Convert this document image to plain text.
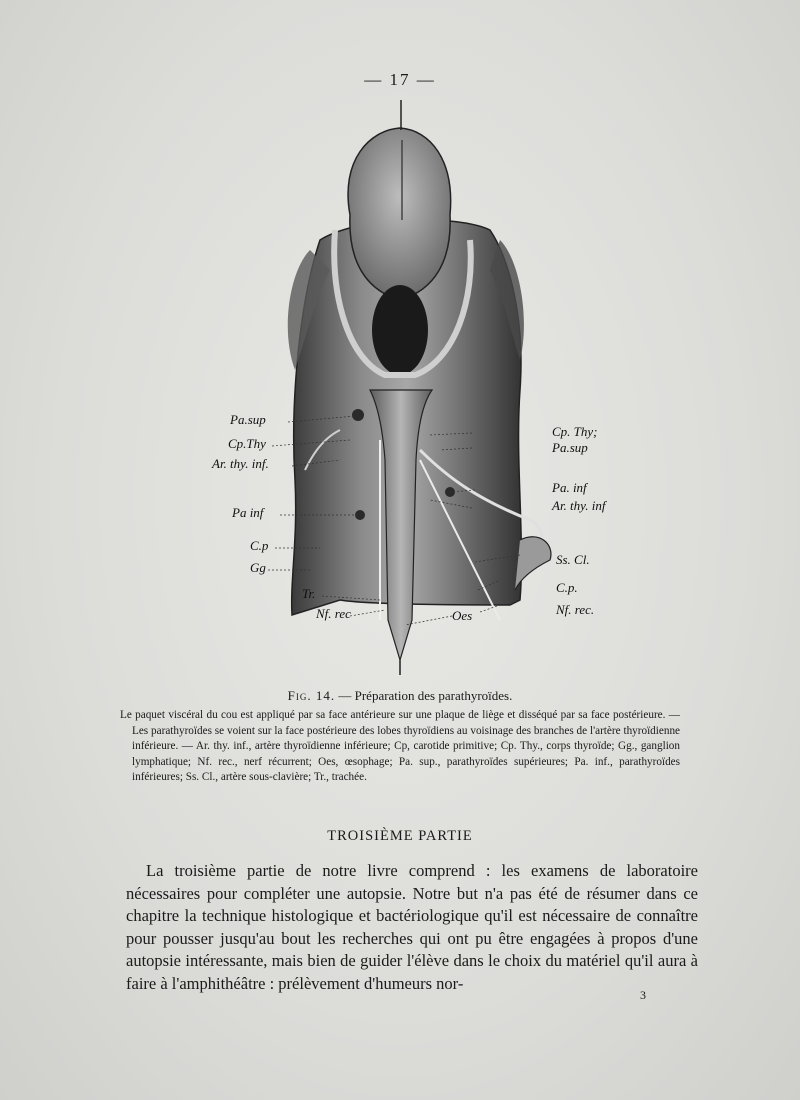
— 17 —
Pa.sup
Cp.Thy
Ar. thy. inf.
Pa inf
C.p
Gg
Tr.
Nf. rec
Cp. Thy;
Pa.sup
Pa. inf
Ar. thy. inf
Ss. Cl.
C.p.
Nf. rec.
Oes
Fig. 14. — Préparation des parathyroïdes.
Le paquet viscéral du cou est appliqué par sa face antérieure sur une plaque de liège et disséqué par sa face postérieure. — Les parathyroïdes se voient sur la face postérieure des lobes thyroïdiens au voisinage des branches de l'artère thyroïdienne inférieure. — Ar. thy. inf., artère thyroïdienne inférieure; Cp, carotide primitive; Cp. Thy., corps thyroïde; Gg., ganglion lymphatique; Nf. rec., nerf récurrent; Oes, œsophage; Pa. sup., parathyroïdes supérieures; Pa. inf., parathyroïdes inférieures; Ss. Cl., artère sous-clavière; Tr., trachée.
TROISIÈME PARTIE
La troisième partie de notre livre comprend : les examens de laboratoire nécessaires pour compléter une autopsie. Notre but n'a pas été de résumer dans ce chapitre la technique histologique et bactériologique qu'il est nécessaire de connaître pour pousser jusqu'au bout les recherches qui ont pu être engagées à propos d'une autopsie intéressante, mais bien de guider l'élève dans le choix du matériel qu'il aura à faire à l'amphithéâtre : prélèvement d'humeurs nor-
3
